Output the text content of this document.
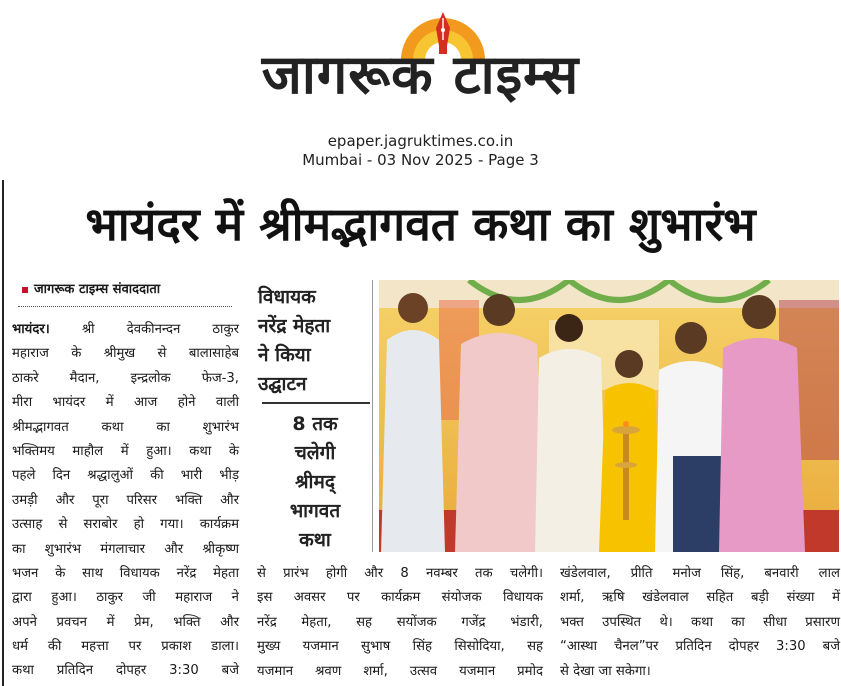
जागरूक टाइम्स
epaper.jagruktimes.co.in
Mumbai - 03 Nov 2025 - Page 3
भायंदर में श्रीमद्भागवत कथा का शुभारंभ
जागरूक टाइम्स संवाददाता
भायंदर। श्री देवकीनन्दन ठाकुर
महाराज के श्रीमुख से बालासाहेब
ठाकरे मैदान, इन्द्रलोक फेज-3,
मीरा भायंदर में आज होने वाली
श्रीमद्भागवत कथा का शुभारंभ
भक्तिमय माहौल में हुआ। कथा के
पहले दिन श्रद्धालुओं की भारी भीड़
उमड़ी और पूरा परिसर भक्ति और
उत्साह से सराबोर हो गया। कार्यक्रम
का शुभारंभ मंगलाचार और श्रीकृष्ण
भजन के साथ विधायक नरेंद्र मेहता
द्वारा हुआ। ठाकुर जी महाराज ने
अपने प्रवचन में प्रेम, भक्ति और
धर्म की महत्ता पर प्रकाश डाला।
कथा प्रतिदिन दोपहर 3:30 बजे
विधायक
नरेंद्र मेहता
ने किया
उद्घाटन
8 तक
चलेगी
श्रीमद्
भागवत
कथा
से प्रारंभ होगी और 8 नवम्बर तक चलेगी।
इस अवसर पर कार्यक्रम संयोजक विधायक
नरेंद्र मेहता, सह सयोंजक गजेंद्र भंडारी,
मुख्य यजमान सुभाष सिंह सिसोदिया, सह
यजमान श्रवण शर्मा, उत्सव यजमान प्रमोद
खंडेलवाल, प्रीति मनोज सिंह, बनवारी लाल
शर्मा, ऋषि खंडेलवाल सहित बड़ी संख्या में
भक्त उपस्थित थे। कथा का सीधा प्रसारण
“आस्था चैनल”पर प्रतिदिन दोपहर 3:30 बजे
से देखा जा सकेगा।
